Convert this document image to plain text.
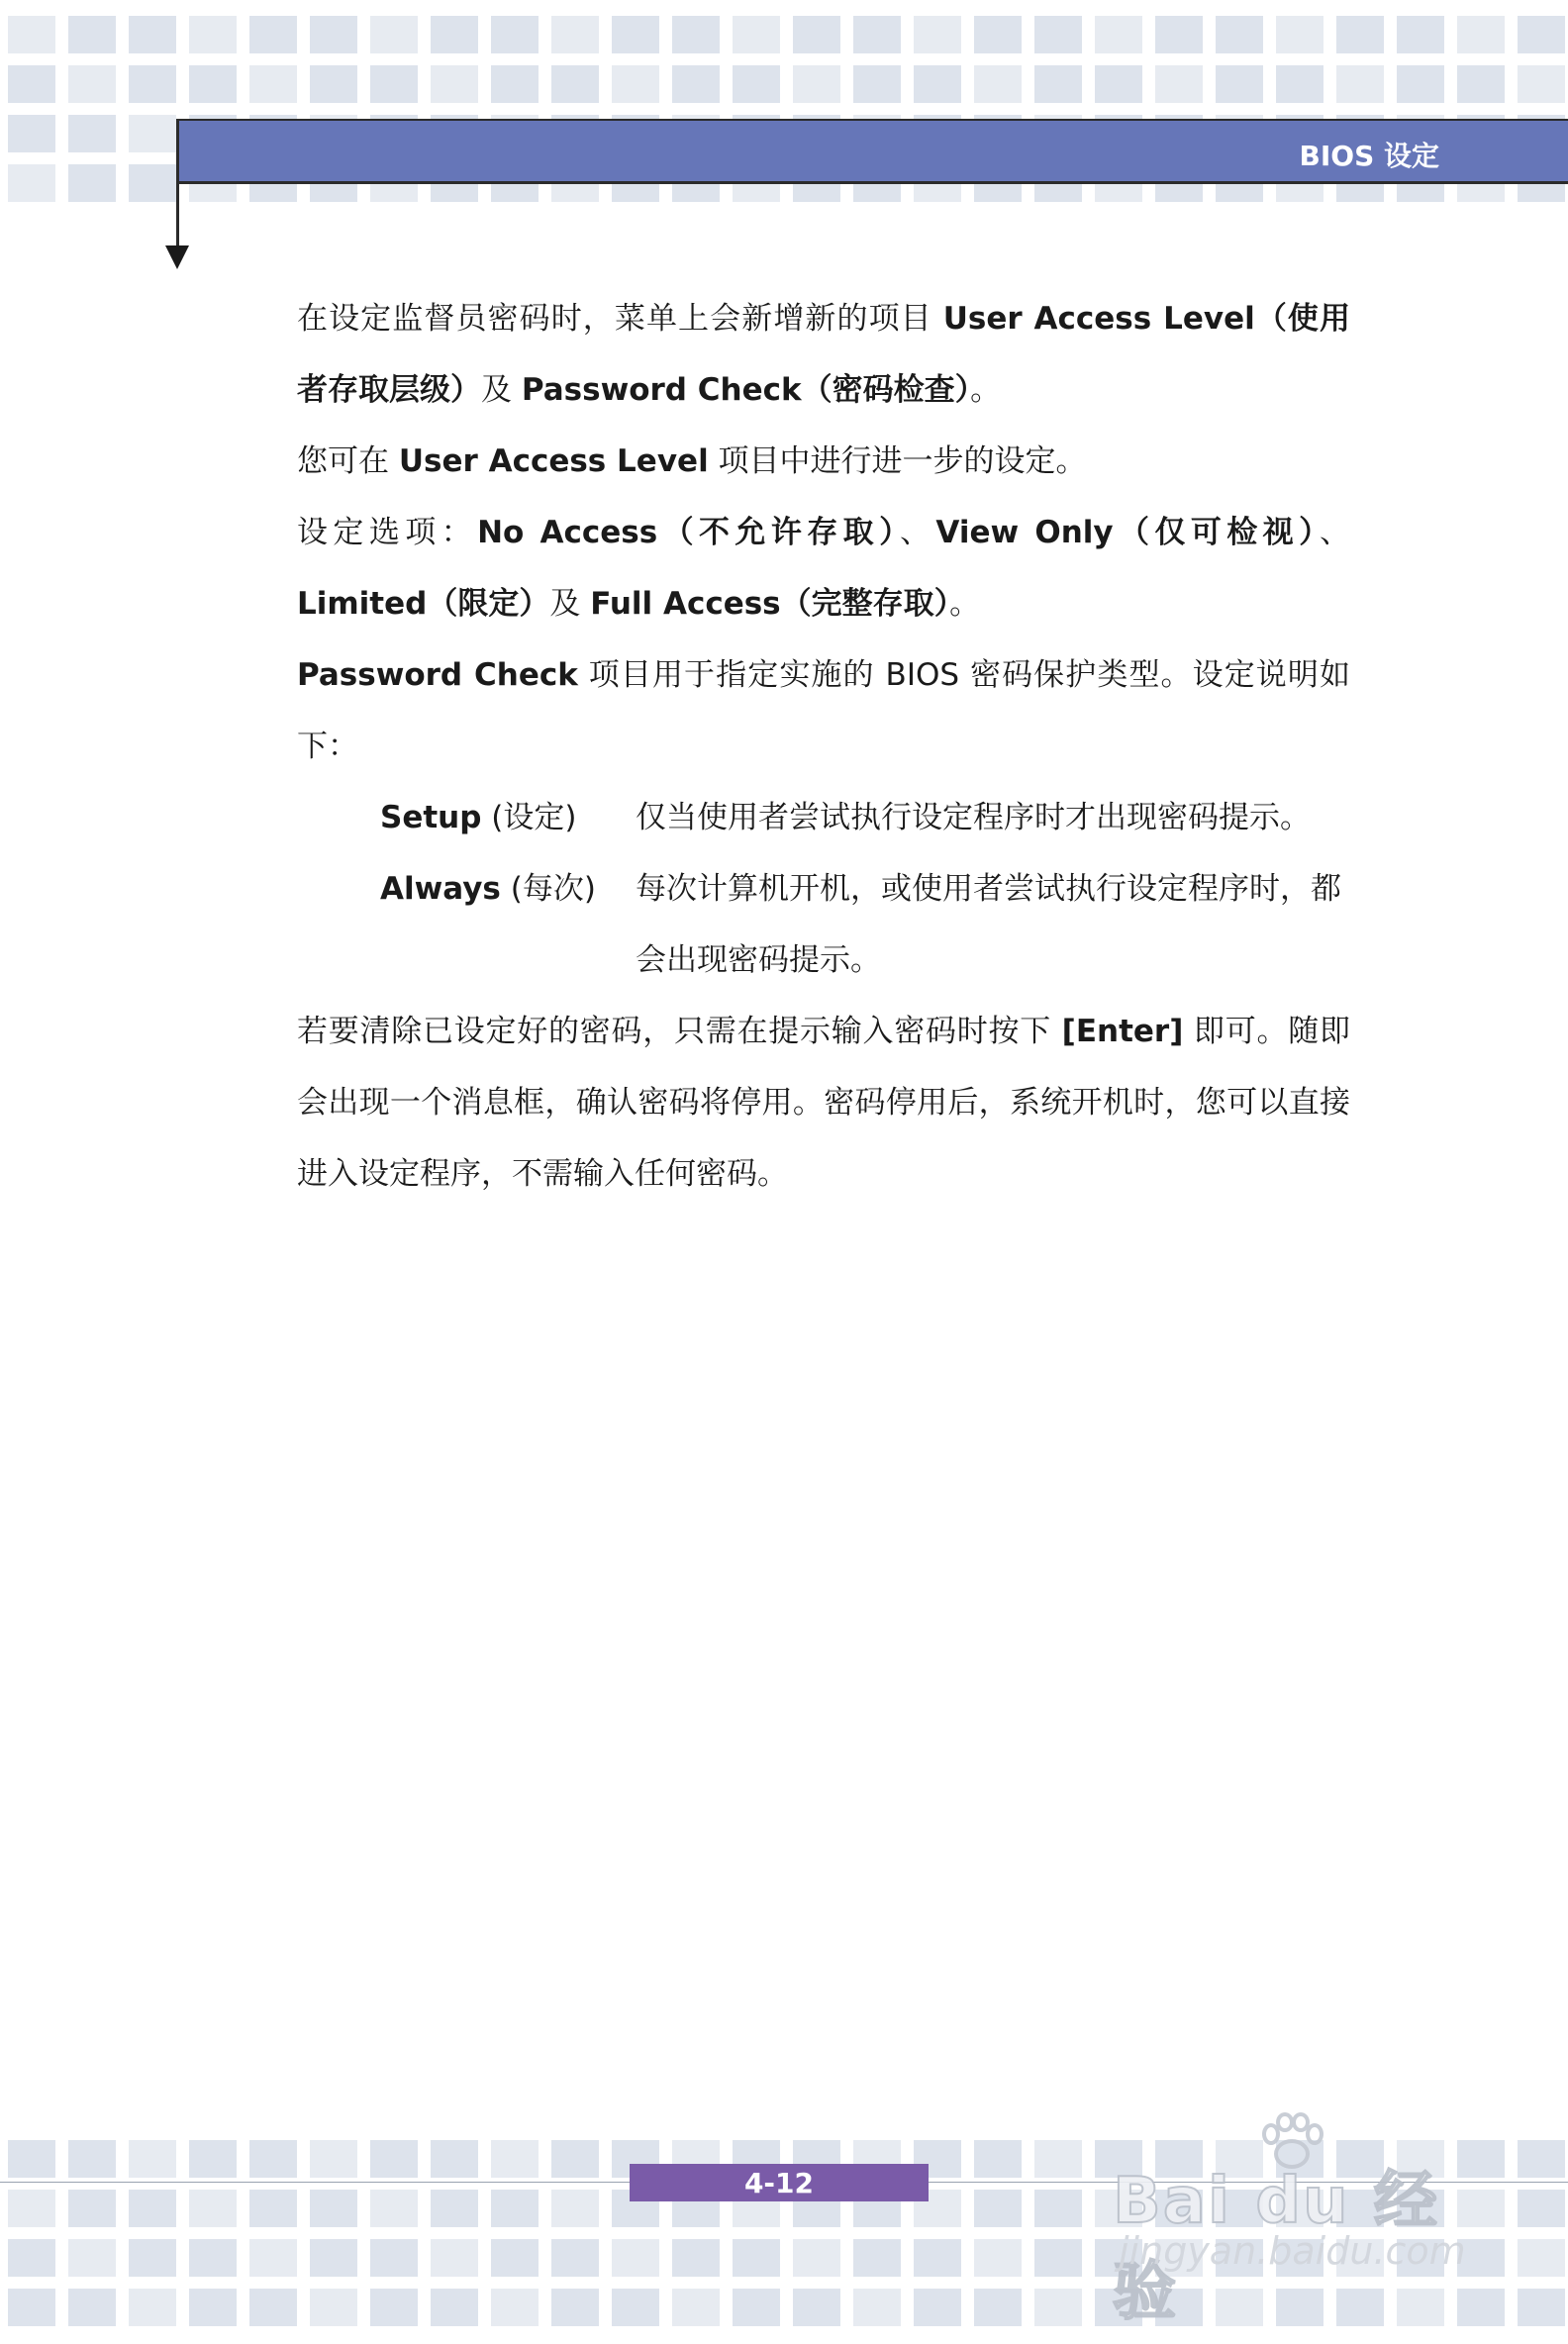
BIOS 设定

在设定监督员密码时，菜单上会新增新的项目 User Access Level（使用者存取层级）及 Password Check（密码检查）。

您可在 User Access Level 项目中进行进一步的设定。

设定选项：No Access（不允许存取）、View Only（仅可检视）、Limited（限定）及 Full Access（完整存取）。

Password Check 项目用于指定实施的 BIOS 密码保护类型。设定说明如下：

Setup (设定)	仅当使用者尝试执行设定程序时才出现密码提示。
Always (每次)	每次计算机开机，或使用者尝试执行设定程序时，都会出现密码提示。

若要清除已设定好的密码，只需在提示输入密码时按下 [Enter] 即可。随即会出现一个消息框，确认密码将停用。密码停用后，系统开机时，您可以直接进入设定程序，不需输入任何密码。

4-12	Bai du 经验
jingyan.baidu.com
